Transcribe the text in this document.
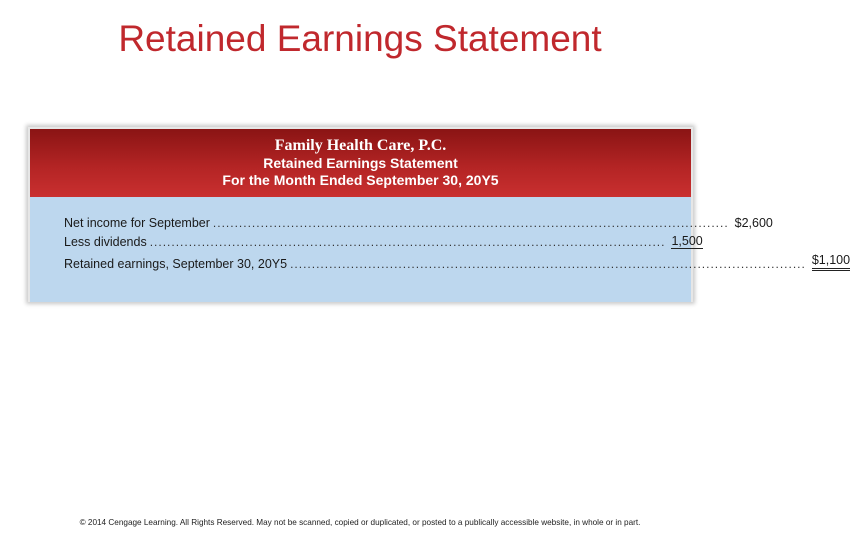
Retained Earnings Statement
Family Health Care, P.C.
Retained Earnings Statement
For the Month Ended September 30, 20Y5
Net income for September ....................................................................................................................... $2,600
Less dividends ....................................................................................................................... 1,500
Retained earnings, September 30, 20Y5 ....................................................................................................................... $1,100
© 2014 Cengage Learning. All Rights Reserved. May not be scanned, copied or duplicated, or posted to a publically accessible website, in whole or in part.
